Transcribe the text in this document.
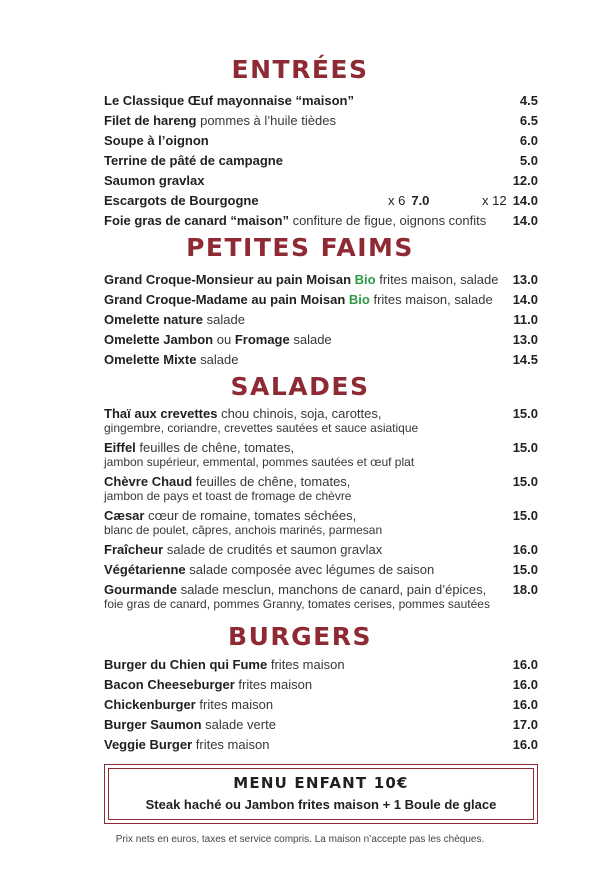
ENTRÉES
Le Classique Œuf mayonnaise “maison”	4.5
Filet de hareng pommes à l’huile tièdes	6.5
Soupe à l’oignon	6.0
Terrine de pâté de campagne	5.0
Saumon gravlax	12.0
Escargots de Bourgogne	x 6 7.0	x 12 14.0
Foie gras de canard “maison” confiture de figue, oignons confits	14.0
PETITES FAIMS
Grand Croque-Monsieur au pain Moisan Bio frites maison, salade	13.0
Grand Croque-Madame au pain Moisan Bio frites maison, salade	14.0
Omelette nature salade	11.0
Omelette Jambon ou Fromage salade	13.0
Omelette Mixte salade	14.5
SALADES
Thaï aux crevettes chou chinois, soja, carottes,
gingembre, coriandre, crevettes sautées et sauce asiatique
15.0
Eiffel feuilles de chêne, tomates,
jambon supérieur, emmental, pommes sautées et œuf plat
15.0
Chèvre Chaud feuilles de chêne, tomates,
jambon de pays et toast de fromage de chèvre
15.0
Cæsar cœur de romaine, tomates séchées,
blanc de poulet, câpres, anchois marinés, parmesan
15.0
Fraîcheur salade de crudités et saumon gravlax	16.0
Végétarienne salade composée avec légumes de saison	15.0
Gourmande salade mesclun, manchons de canard, pain d’épices,
foie gras de canard, pommes Granny, tomates cerises, pommes sautées
18.0
BURGERS
Burger du Chien qui Fume frites maison	16.0
Bacon Cheeseburger frites maison	16.0
Chickenburger frites maison	16.0
Burger Saumon salade verte	17.0
Veggie Burger frites maison	16.0
MENU ENFANT 10€
Steak haché ou Jambon frites maison + 1 Boule de glace
Prix nets en euros, taxes et service compris. La maison n’accepte pas les chèques.
